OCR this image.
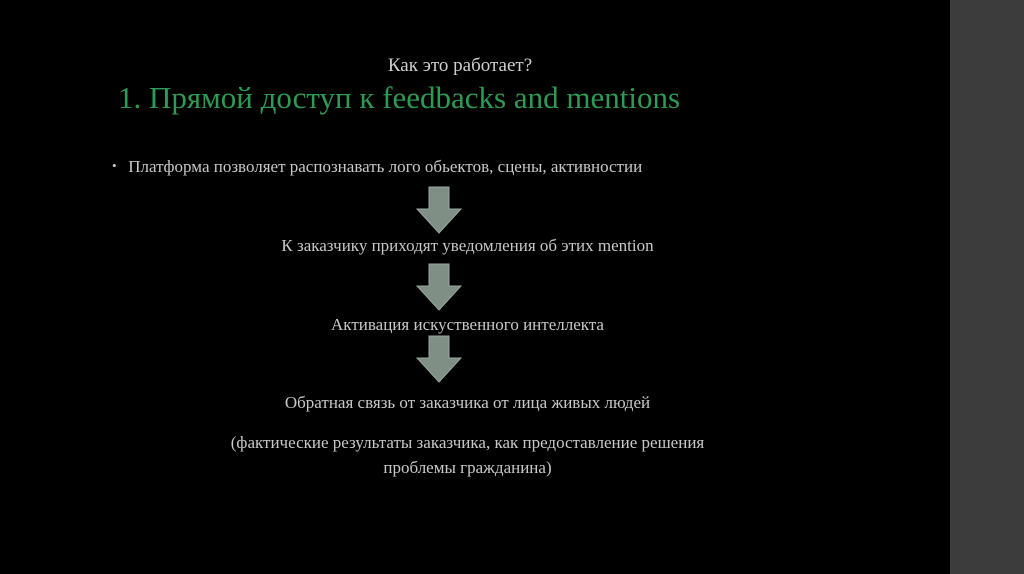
Как это работает?
1. Прямой доступ к feedbacks and mentions
• Платформа позволяет распознавать лого обьектов, сцены, активностии
К заказчику приходят уведомления об этих mention
Активация искуственного интеллекта
Обратная связь от заказчика от лица живых людей
(фактические результаты заказчика, как предоставление решения
проблемы гражданина)
